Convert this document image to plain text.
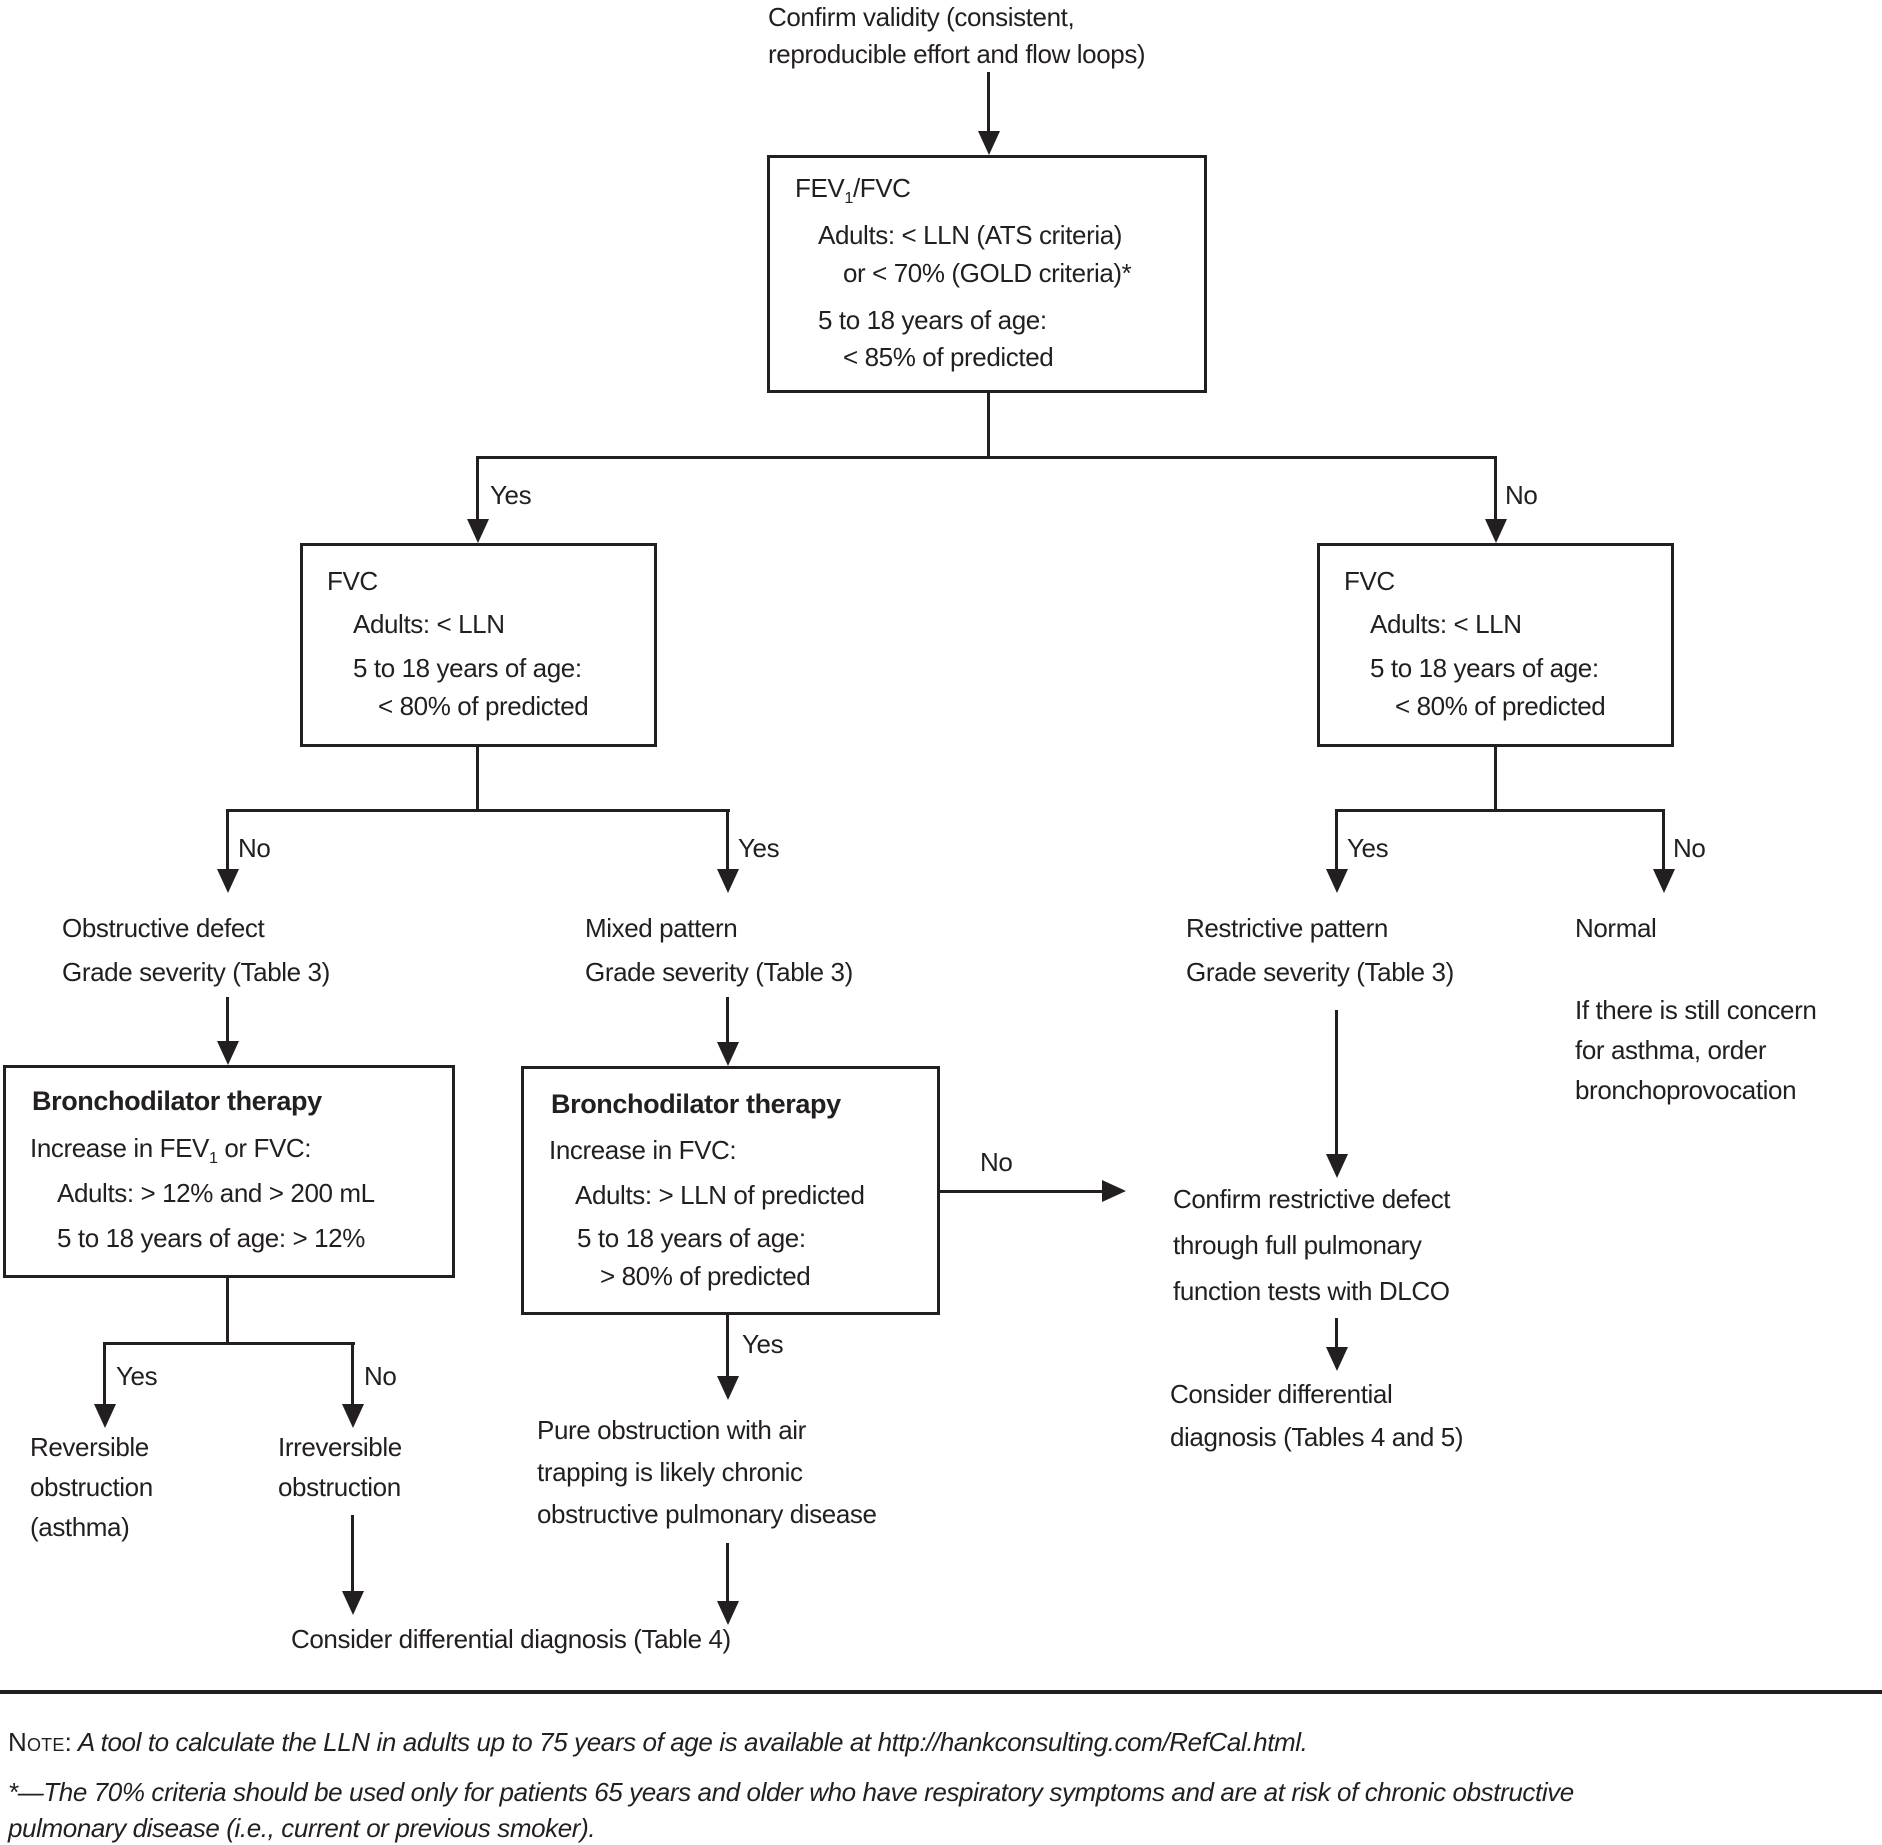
Confirm validity (consistent,
reproducible effort and flow loops)
$FEV_1$/FVC
Adults: < LLN (ATS criteria)
or < 70% (GOLD criteria)*
5 to 18 years of age:
< 85% of predicted
Yes	No
FVC
Adults: < LLN
5 to 18 years of age:
< 80% of predicted
FVC
Adults: < LLN
5 to 18 years of age:
< 80% of predicted
No	Yes	Yes	No
Obstructive defect
Grade severity (Table 3)
Mixed pattern
Grade severity (Table 3)
Restrictive pattern
Grade severity (Table 3)
Normal
If there is still concern
for asthma, order
bronchoprovocation
Bronchodilator therapy
Increase in $FEV_1$ or FVC:
Adults: > 12% and > 200 mL
5 to 18 years of age: > 12%
Bronchodilator therapy
Increase in FVC:
Adults: > LLN of predicted
5 to 18 years of age:
> 80% of predicted
No
Confirm restrictive defect
through full pulmonary
function tests with DLCO
Consider differential
diagnosis (Tables 4 and 5)
Yes	No
Reversible
obstruction
(asthma)
Irreversible
obstruction
Yes
Pure obstruction with air
trapping is likely chronic
obstructive pulmonary disease
Consider differential diagnosis (Table 4)
Note: A tool to calculate the LLN in adults up to 75 years of age is available at http://hankconsulting.com/RefCal.html.
*—The 70% criteria should be used only for patients 65 years and older who have respiratory symptoms and are at risk of chronic obstructive
pulmonary disease (i.e., current or previous smoker).
